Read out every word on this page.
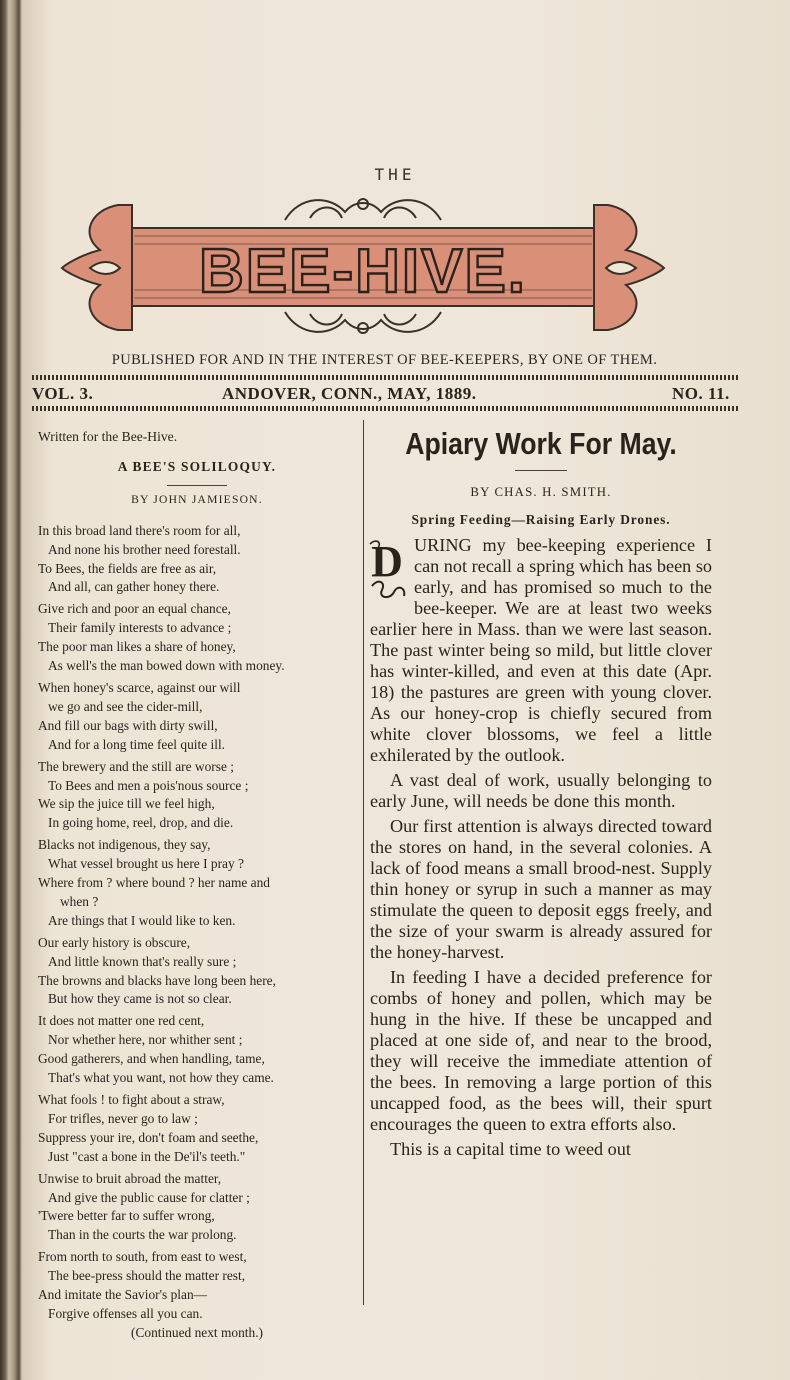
THE
BEE-HIVE.
PUBLISHED FOR AND IN THE INTEREST OF BEE-KEEPERS, BY ONE OF THEM.
VOL. 3.	ANDOVER, CONN., MAY, 1889.	NO. 11.
Written for the Bee-Hive.
A BEE'S SOLILOQUY.
BY JOHN JAMIESON.
In this broad land there's room for all,
And none his brother need forestall.
To Bees, the fields are free as air,
And all, can gather honey there.
Give rich and poor an equal chance,
Their family interests to advance ;
The poor man likes a share of honey,
As well's the man bowed down with money.
When honey's scarce, against our will
we go and see the cider-mill,
And fill our bags with dirty swill,
And for a long time feel quite ill.
The brewery and the still are worse ;
To Bees and men a pois'nous source ;
We sip the juice till we feel high,
In going home, reel, drop, and die.
Blacks not indigenous, they say,
What vessel brought us here I pray ?
Where from ? where bound ? her name and
when ?
Are things that I would like to ken.
Our early history is obscure,
And little known that's really sure ;
The browns and blacks have long been here,
But how they came is not so clear.
It does not matter one red cent,
Nor whether here, nor whither sent ;
Good gatherers, and when handling, tame,
That's what you want, not how they came.
What fools ! to fight about a straw,
For trifles, never go to law ;
Suppress your ire, don't foam and seethe,
Just "cast a bone in the De'il's teeth."
Unwise to bruit abroad the matter,
And give the public cause for clatter ;
'Twere better far to suffer wrong,
Than in the courts the war prolong.
From north to south, from east to west,
The bee-press should the matter rest,
And imitate the Savior's plan—
Forgive offenses all you can.
(Continued next month.)
Apiary Work For May.
BY CHAS. H. SMITH.
Spring Feeding—Raising Early Drones.

D URING my bee-keeping experience I can not recall a spring which has been so early, and has promised so much to the bee-keeper. We are at least two weeks earlier here in Mass. than we were last season. The past winter being so mild, but little clover has winter-killed, and even at this date (Apr. 18) the pastures are green with young clover. As our honey-crop is chiefly secured from white clover blossoms, we feel a little exhilerated by the outlook.

A vast deal of work, usually belonging to early June, will needs be done this month.

Our first attention is always directed toward the stores on hand, in the several colonies. A lack of food means a small brood-nest. Supply thin honey or syrup in such a manner as may stimulate the queen to deposit eggs freely, and the size of your swarm is already assured for the honey-harvest.

In feeding I have a decided preference for combs of honey and pollen, which may be hung in the hive. If these be uncapped and placed at one side of, and near to the brood, they will receive the immediate attention of the bees. In removing a large portion of this uncapped food, as the bees will, their spurt encourages the queen to extra efforts also.

This is a capital time to weed out
